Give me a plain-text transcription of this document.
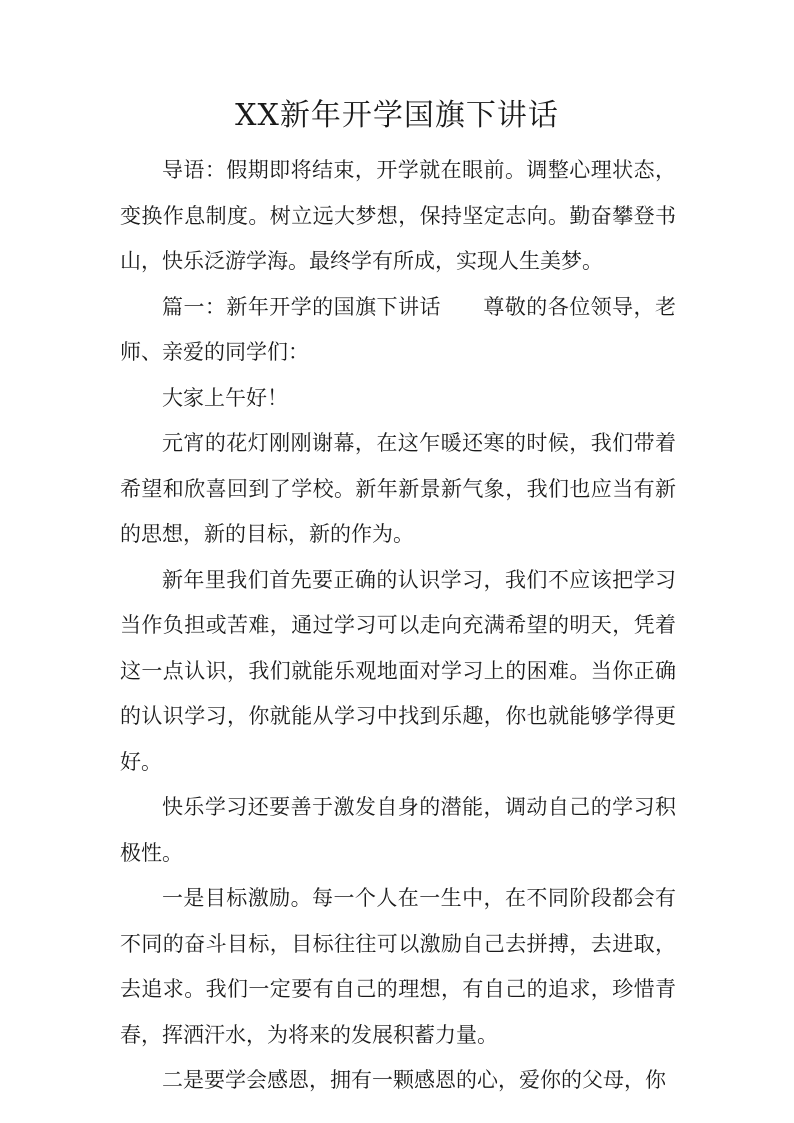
XX新年开学国旗下讲话

导语：假期即将结束，开学就在眼前。调整心理状态，变换作息制度。树立远大梦想，保持坚定志向。勤奋攀登书山，快乐泛游学海。最终学有所成，实现人生美梦。

篇一：新年开学的国旗下讲话 尊敬的各位领导，老师、亲爱的同学们：

大家上午好！

元宵的花灯刚刚谢幕，在这乍暖还寒的时候，我们带着希望和欣喜回到了学校。新年新景新气象，我们也应当有新的思想，新的目标，新的作为。

新年里我们首先要正确的认识学习，我们不应该把学习当作负担或苦难，通过学习可以走向充满希望的明天，凭着这一点认识，我们就能乐观地面对学习上的困难。当你正确的认识学习，你就能从学习中找到乐趣，你也就能够学得更好。

快乐学习还要善于激发自身的潜能，调动自己的学习积极性。

一是目标激励。每一个人在一生中，在不同阶段都会有不同的奋斗目标，目标往往可以激励自己去拼搏，去进取，去追求。我们一定要有自己的理想，有自己的追求，珍惜青春，挥洒汗水，为将来的发展积蓄力量。

二是要学会感恩，拥有一颗感恩的心，爱你的父母，你
